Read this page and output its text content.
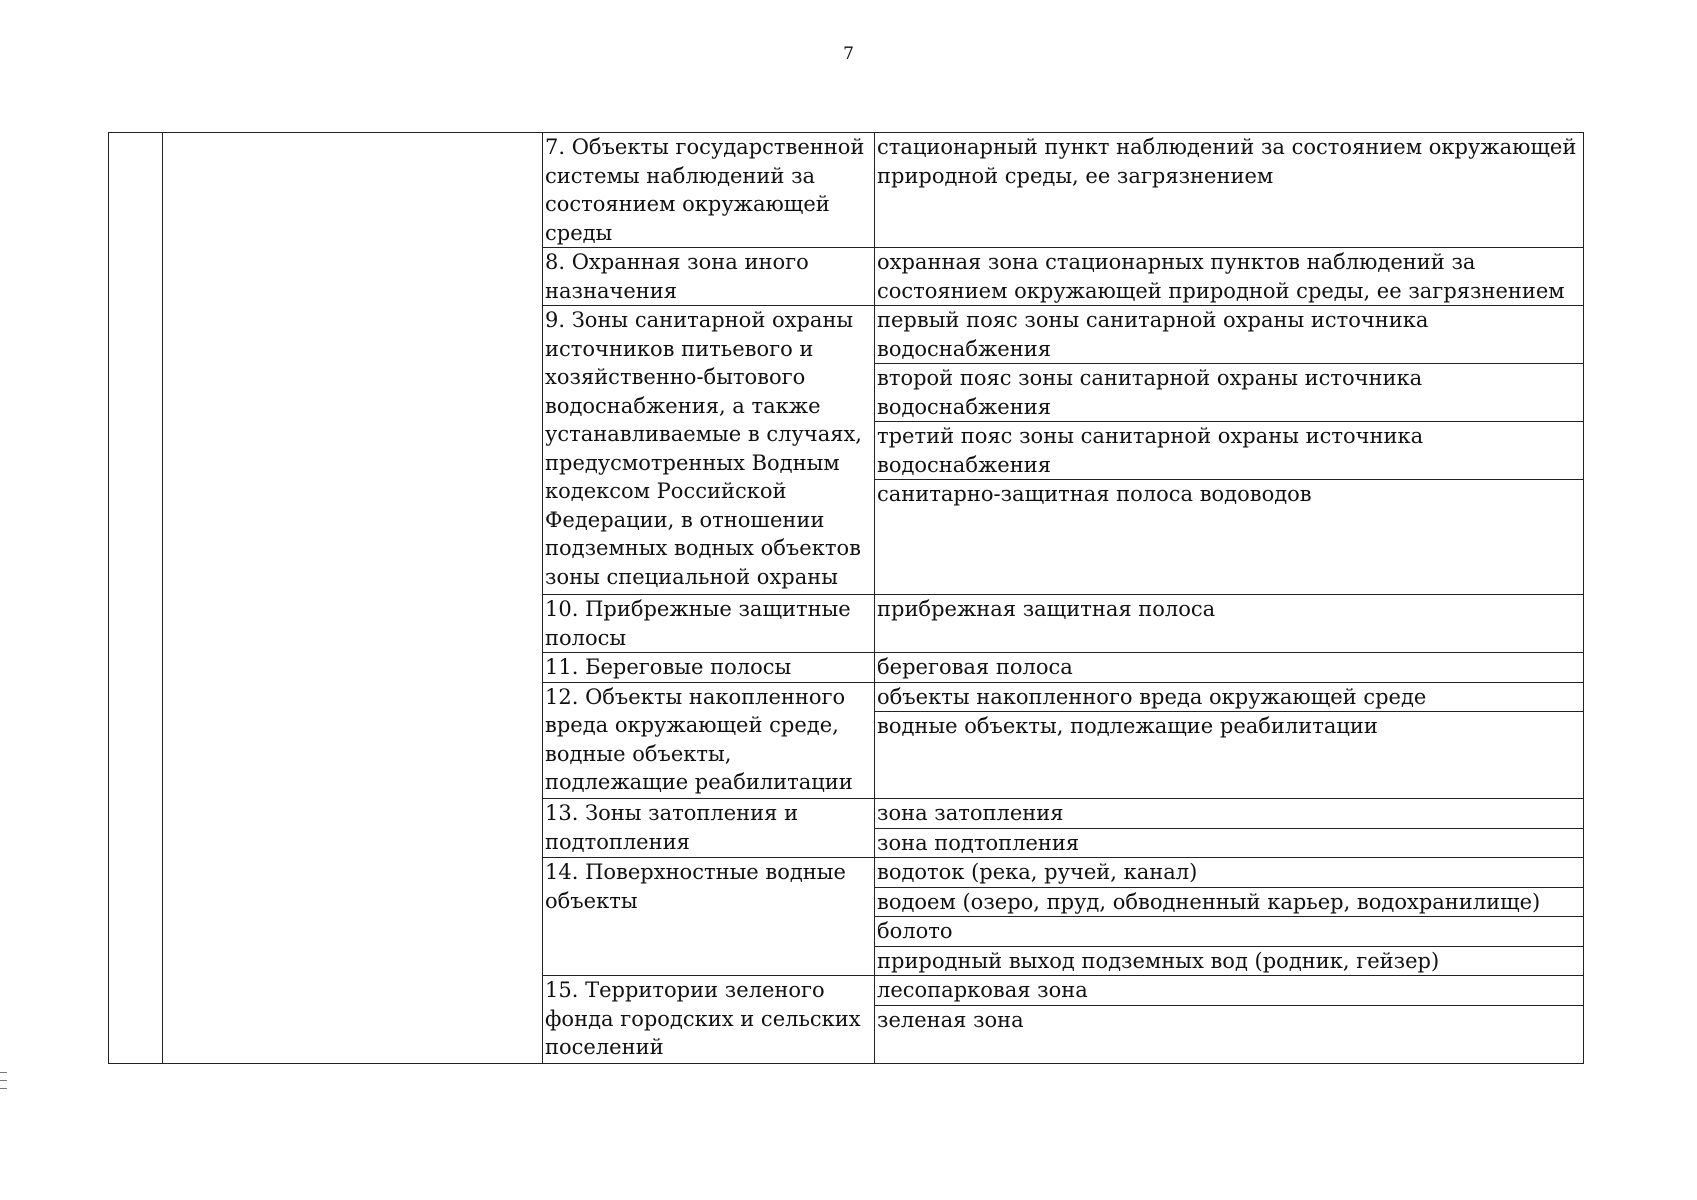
7
		7. Объекты государственной системы наблюдений за состоянием окружающей среды	стационарный пункт наблюдений за состоянием окружающей природной среды, ее загрязнением
		8. Охранная зона иного назначения	охранная зона стационарных пунктов наблюдений за состоянием окружающей природной среды, ее загрязнением
		9. Зоны санитарной охраны источников питьевого и хозяйственно-бытового водоснабжения, а также устанавливаемые в случаях, предусмотренных Водным кодексом Российской Федерации, в отношении подземных водных объектов зоны специальной охраны	первый пояс зоны санитарной охраны источника водоснабжения
			второй пояс зоны санитарной охраны источника водоснабжения
			третий пояс зоны санитарной охраны источника водоснабжения
			санитарно-защитная полоса водоводов
		10. Прибрежные защитные полосы	прибрежная защитная полоса
		11. Береговые полосы	береговая полоса
		12. Объекты накопленного вреда окружающей среде, водные объекты, подлежащие реабилитации	объекты накопленного вреда окружающей среде
			водные объекты, подлежащие реабилитации
		13. Зоны затопления и подтопления	зона затопления
			зона подтопления
		14. Поверхностные водные объекты	водоток (река, ручей, канал)
			водоем (озеро, пруд, обводненный карьер, водохранилище)
			болото
			природный выход подземных вод (родник, гейзер)
		15. Территории зеленого фонда городских и сельских поселений	лесопарковая зона
			зеленая зона
